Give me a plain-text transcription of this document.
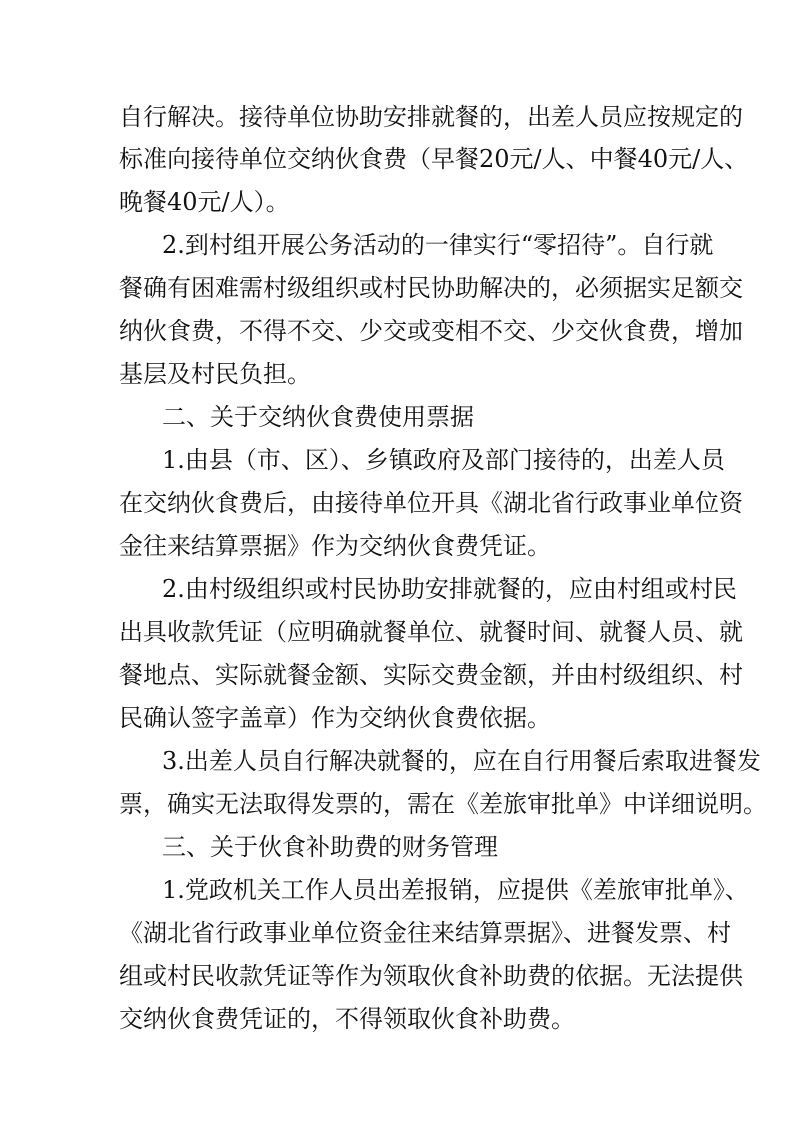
自行解决。接待单位协助安排就餐的，出差人员应按规定的
标准向接待单位交纳伙食费（早餐20元/人、中餐40元/人、
晚餐40元/人）。
2.到村组开展公务活动的一律实行“零招待”。自行就
餐确有困难需村级组织或村民协助解决的，必须据实足额交
纳伙食费，不得不交、少交或变相不交、少交伙食费，增加
基层及村民负担。
二、关于交纳伙食费使用票据
1.由县（市、区）、乡镇政府及部门接待的，出差人员
在交纳伙食费后，由接待单位开具《湖北省行政事业单位资
金往来结算票据》作为交纳伙食费凭证。
2.由村级组织或村民协助安排就餐的，应由村组或村民
出具收款凭证（应明确就餐单位、就餐时间、就餐人员、就
餐地点、实际就餐金额、实际交费金额，并由村级组织、村
民确认签字盖章）作为交纳伙食费依据。
3.出差人员自行解决就餐的，应在自行用餐后索取进餐发
票，确实无法取得发票的，需在《差旅审批单》中详细说明。
三、关于伙食补助费的财务管理
1.党政机关工作人员出差报销，应提供《差旅审批单》、
《湖北省行政事业单位资金往来结算票据》、进餐发票、村
组或村民收款凭证等作为领取伙食补助费的依据。无法提供
交纳伙食费凭证的，不得领取伙食补助费。
